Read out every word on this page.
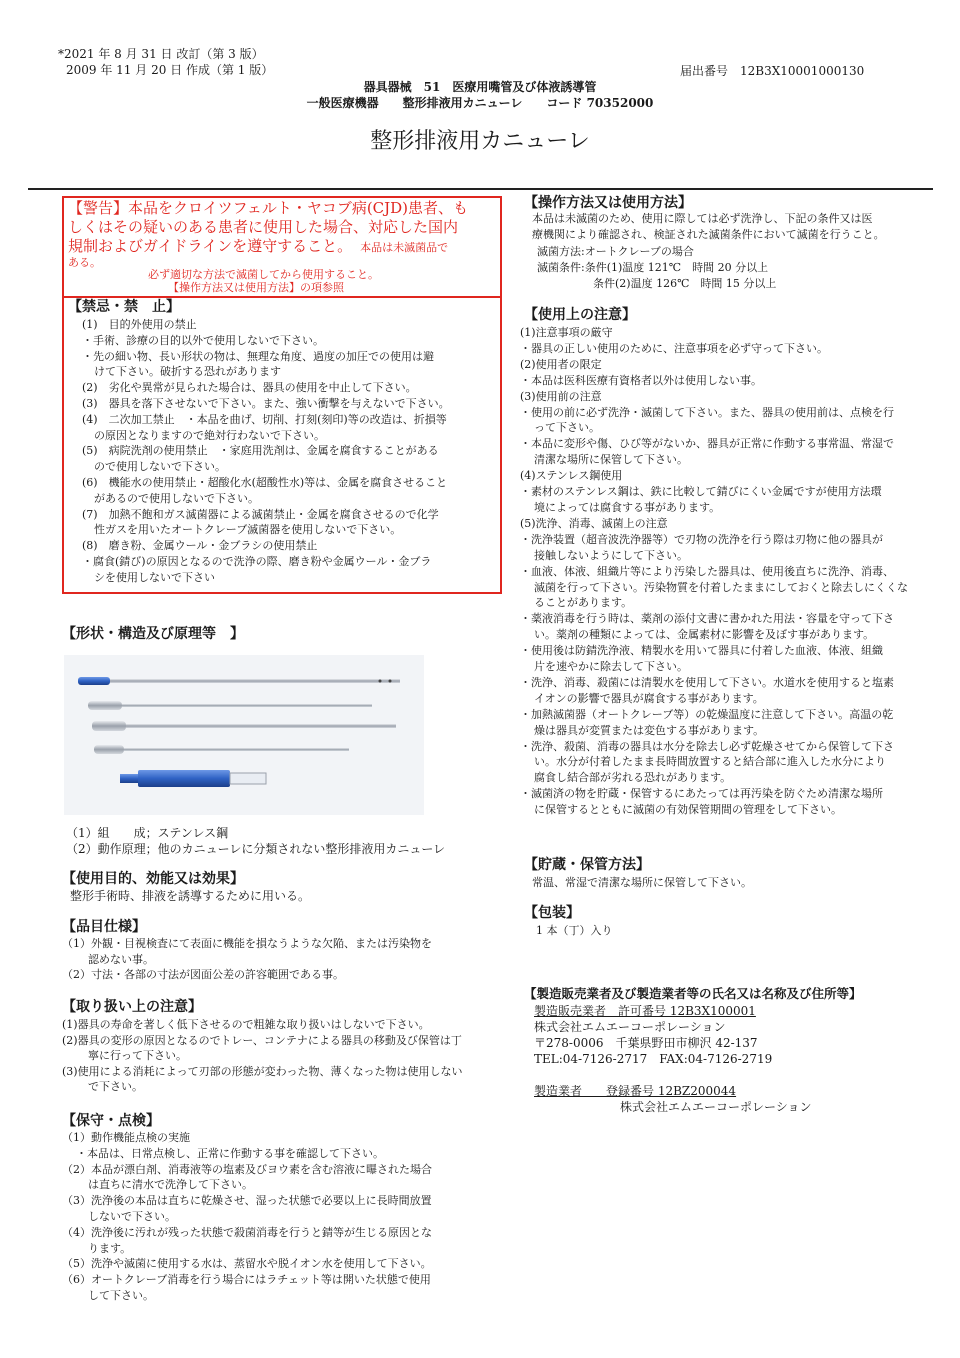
*2021 年 8 月 31 日 改訂（第 3 版）
2009 年 11 月 20 日 作成（第 1 版）	届出番号　12B3X10001000130
器具器械　51　医療用嘴管及び体液誘導管
一般医療機器　　整形排液用カニューレ　　コード 70352000
整形排液用カニューレ
【警告】本品をクロイツフェルト・ヤコブ病(CJD)患者、も
しくはその疑いのある患者に使用した場合、対応した国内
規制およびガイドラインを遵守すること。 本品は未滅菌品で
ある。
必ず適切な方法で滅菌してから使用すること。
【操作方法又は使用方法】の項参照
【禁忌・禁　止】
(1)　目的外使用の禁止
・手術、診療の目的以外で使用しないで下さい。
・先の細い物、長い形状の物は、無理な角度、過度の加圧での使用は避
けて下さい。破折する恐れがあります
(2)　劣化や異常が見られた場合は、器具の使用を中止して下さい。
(3)　器具を落下させないで下さい。また、強い衝撃を与えないで下さい。
(4)　二次加工禁止　・本品を曲げ、切削、打刻(刻印)等の改造は、折損等
の原因となりますので絶対行わないで下さい。
(5)　病院洗剤の使用禁止　・家庭用洗剤は、金属を腐食することがある
ので使用しないで下さい。
(6)　機能水の使用禁止・超酸化水(超酸性水)等は、金属を腐食させること
があるので使用しないで下さい。
(7)　加熱不飽和ガス滅菌器による滅菌禁止・金属を腐食させるので化学
性ガスを用いたオートクレーブ滅菌器を使用しないで下さい。
(8)　磨き粉、金属ウール・金ブラシの使用禁止
・腐食(錆び)の原因となるので洗浄の際、磨き粉や金属ウール・金ブラ
シを使用しないで下さい
【形状・構造及び原理等　】
（1）組　　成；ステンレス鋼
（2）動作原理；他のカニューレに分類されない整形排液用カニューレ
【使用目的、効能又は効果】
整形手術時、排液を誘導するために用いる。
【品目仕様】
（1）外観・目視検査にて表面に機能を損なうような欠陥、または汚染物を
認めない事。
（2）寸法・各部の寸法が図面公差の許容範囲である事。
【取り扱い上の注意】
(1)器具の寿命を著しく低下させるので粗雑な取り扱いはしないで下さい。
(2)器具の変形の原因となるのでトレー、コンテナによる器具の移動及び保管は丁
寧に行って下さい。
(3)使用による消耗によって刃部の形態が変わった物、薄くなった物は使用しない
で下さい。
【保守・点検】
（1）動作機能点検の実施
・本品は、日常点検し、正常に作動する事を確認して下さい。
（2）本品が漂白剤、消毒液等の塩素及びヨウ素を含む溶液に曝された場合
は直ちに清水で洗浄して下さい。
（3）洗浄後の本品は直ちに乾燥させ、湿った状態で必要以上に長時間放置
しないで下さい。
（4）洗浄後に汚れが残った状態で殺菌消毒を行うと錆等が生じる原因とな
ります。
（5）洗浄や滅菌に使用する水は、蒸留水や脱イオン水を使用して下さい。
（6）オートクレーブ消毒を行う場合にはラチェット等は開いた状態で使用
して下さい。
【操作方法又は使用方法】
本品は未滅菌のため、使用に際しては必ず洗浄し、下記の条件又は医
療機関により確認され、検証された滅菌条件において滅菌を行うこと。
滅菌方法:オートクレーブの場合
滅菌条件:条件(1)温度 121℃　時間 20 分以上
条件(2)温度 126℃　時間 15 分以上
【使用上の注意】
(1)注意事項の厳守
・器具の正しい使用のために、注意事項を必ず守って下さい。
(2)使用者の限定
・本品は医科医療有資格者以外は使用しない事。
(3)使用前の注意
・使用の前に必ず洗浄・滅菌して下さい。また、器具の使用前は、点検を行
って下さい。
・本品に変形や傷、ひび等がないか、器具が正常に作動する事常温、常湿で
清潔な場所に保管して下さい。
(4)ステンレス鋼使用
・素材のステンレス鋼は、鉄に比較して錆びにくい金属ですが使用方法環
境によっては腐食する事があります。
(5)洗浄、消毒、滅菌上の注意
・洗浄装置（超音波洗浄器等）で刃物の洗浄を行う際は刃物に他の器具が
接触しないようにして下さい。
・血液、体液、組織片等により汚染した器具は、使用後直ちに洗浄、消毒、
滅菌を行って下さい。汚染物質を付着したままにしておくと除去しにくくな
ることがあります。
・薬液消毒を行う時は、薬剤の添付文書に書かれた用法・容量を守って下さ
い。薬剤の種類によっては、金属素材に影響を及ぼす事があります。
・使用後は防錆洗浄液、精製水を用いて器具に付着した血液、体液、組織
片を速やかに除去して下さい。
・洗浄、消毒、殺菌には清製水を使用して下さい。水道水を使用すると塩素
イオンの影響で器具が腐食する事があります。
・加熱滅菌器（オートクレーブ等）の乾燥温度に注意して下さい。高温の乾
燥は器具が変質または変色する事があります。
・洗浄、殺菌、消毒の器具は水分を除去し必ず乾燥させてから保管して下さ
い。水分が付着したまま長時間放置すると結合部に進入した水分により
腐食し結合部が劣れる恐れがあります。
・滅菌済の物を貯蔵・保管するにあたっては再汚染を防ぐため清潔な場所
に保管するとともに滅菌の有効保管期間の管理をして下さい。
【貯蔵・保管方法】
常温、常湿で清潔な場所に保管して下さい。
【包装】
1 本（丁）入り
【製造販売業者及び製造業者等の氏名又は名称及び住所等】
製造販売業者　許可番号 12B3X100001
株式会社エムエーコーポレーション
〒278-0006　千葉県野田市柳沢 42-137
TEL:04-7126-2717　FAX:04-7126-2719
製造業者　　登録番号 12BZ200044
株式会社エムエーコーポレーション
